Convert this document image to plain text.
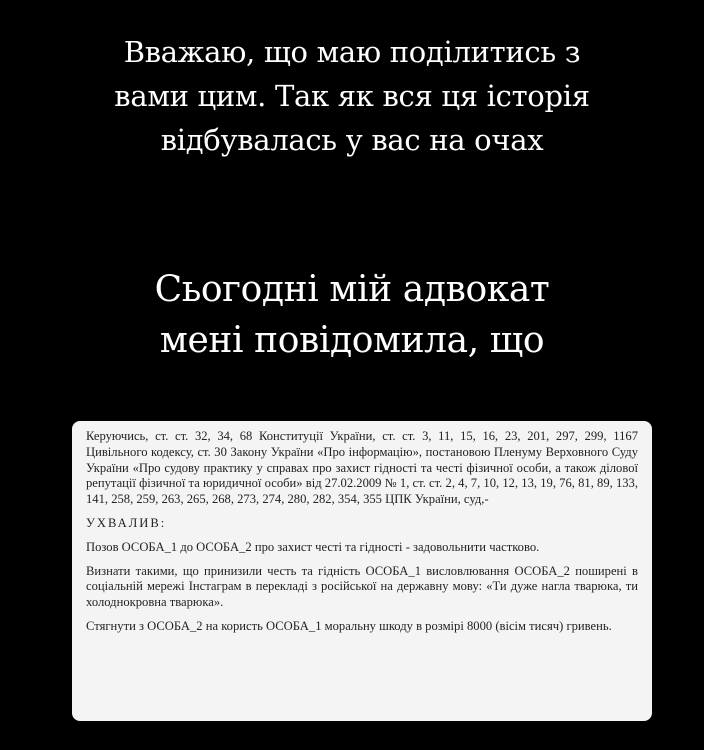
Вважаю, що маю поділитись з
вами цим. Так як вся ця історія
відбувалась у вас на очах
Сьогодні мій адвокат
мені повідомила, що

Керуючись, ст. ст. 32, 34, 68 Конституції України, ст. ст. 3, 11, 15, 16, 23, 201, 297, 299, 1167 Цивільного кодексу, ст. 30 Закону України «Про інформацію», постановою Пленуму Верховного Суду України «Про судову практику у справах про захист гідності та честі фізичної особи, а також ділової репутації фізичної та юридичної особи» від 27.02.2009 № 1, ст. ст. 2, 4, 7, 10, 12, 13, 19, 76, 81, 89, 133, 141, 258, 259, 263, 265, 268, 273, 274, 280, 282, 354, 355 ЦПК України, суд,-

УХВАЛИВ:

Позов ОСОБА_1 до ОСОБА_2 про захист честі та гідності - задовольнити частково.

Визнати такими, що принизили честь та гідність ОСОБА_1 висловлювання ОСОБА_2 поширені в соціальній мережі Інстаграм в перекладі з російської на державну мову: «Ти дуже нагла тварюка, ти холоднокровна тварюка».

Стягнути з ОСОБА_2 на користь ОСОБА_1 моральну шкоду в розмірі 8000 (вісім тисяч) гривень.
